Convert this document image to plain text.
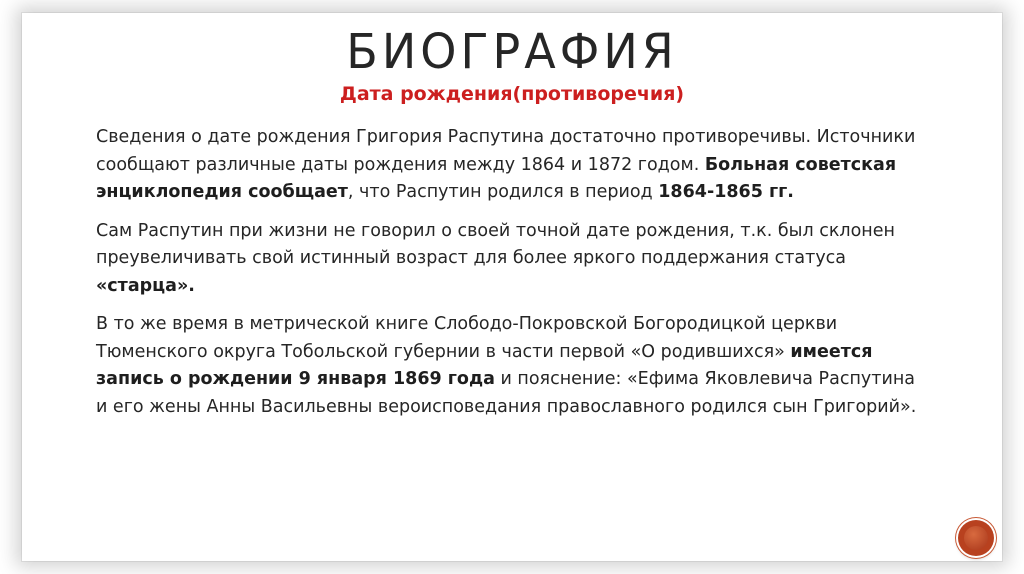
БИОГРАФИЯ
Дата рождения(противоречия)

Сведения о дате рождения Григория Распутина достаточно противоречивы. Источники сообщают различные даты рождения между 1864 и 1872 годом. Больная советская энциклопедия сообщает, что Распутин родился в период 1864-1865 гг.

Сам Распутин при жизни не говорил о своей точной дате рождения, т.к. был склонен преувеличивать свой истинный возраст для более яркого поддержания статуса «старца».

В то же время в метрической книге Слободо-Покровской Богородицкой церкви Тюменского округа Тобольской губернии в части первой «О родившихся» имеется запись о рождении 9 января 1869 года и пояснение: «Ефима Яковлевича Распутина и его жены Анны Васильевны вероисповедания православного родился сын Григорий».
